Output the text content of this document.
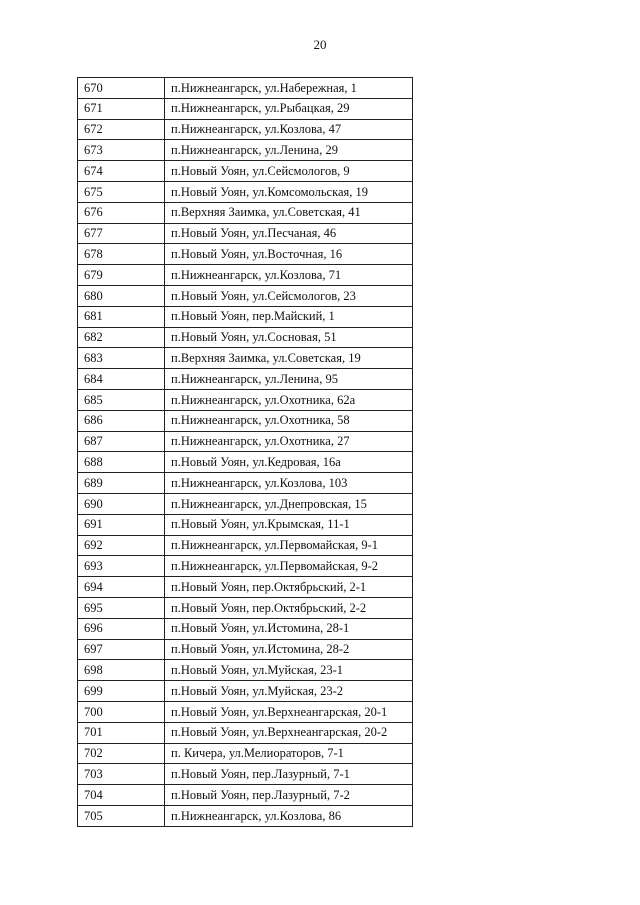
20
670	п.Нижнеангарск, ул.Набережная, 1
671	п.Нижнеангарск, ул.Рыбацкая, 29
672	п.Нижнеангарск, ул.Козлова, 47
673	п.Нижнеангарск, ул.Ленина, 29
674	п.Новый Уоян, ул.Сейсмологов, 9
675	п.Новый Уоян, ул.Комсомольская, 19
676	п.Верхняя Заимка, ул.Советская, 41
677	п.Новый Уоян, ул.Песчаная, 46
678	п.Новый Уоян, ул.Восточная, 16
679	п.Нижнеангарск, ул.Козлова, 71
680	п.Новый Уоян, ул.Сейсмологов, 23
681	п.Новый Уоян, пер.Майский, 1
682	п.Новый Уоян, ул.Сосновая, 51
683	п.Верхняя Заимка, ул.Советская, 19
684	п.Нижнеангарск, ул.Ленина, 95
685	п.Нижнеангарск, ул.Охотника, 62а
686	п.Нижнеангарск, ул.Охотника, 58
687	п.Нижнеангарск, ул.Охотника, 27
688	п.Новый Уоян, ул.Кедровая, 16а
689	п.Нижнеангарск, ул.Козлова, 103
690	п.Нижнеангарск, ул.Днепровская, 15
691	п.Новый Уоян, ул.Крымская, 11-1
692	п.Нижнеангарск, ул.Первомайская, 9-1
693	п.Нижнеангарск, ул.Первомайская, 9-2
694	п.Новый Уоян, пер.Октябрьский, 2-1
695	п.Новый Уоян, пер.Октябрьский, 2-2
696	п.Новый Уоян, ул.Истомина, 28-1
697	п.Новый Уоян, ул.Истомина, 28-2
698	п.Новый Уоян, ул.Муйская, 23-1
699	п.Новый Уоян, ул.Муйская, 23-2
700	п.Новый Уоян, ул.Верхнеангарская, 20-1
701	п.Новый Уоян, ул.Верхнеангарская, 20-2
702	п. Кичера, ул.Мелиораторов, 7-1
703	п.Новый Уоян, пер.Лазурный, 7-1
704	п.Новый Уоян, пер.Лазурный, 7-2
705	п.Нижнеангарск, ул.Козлова, 86
